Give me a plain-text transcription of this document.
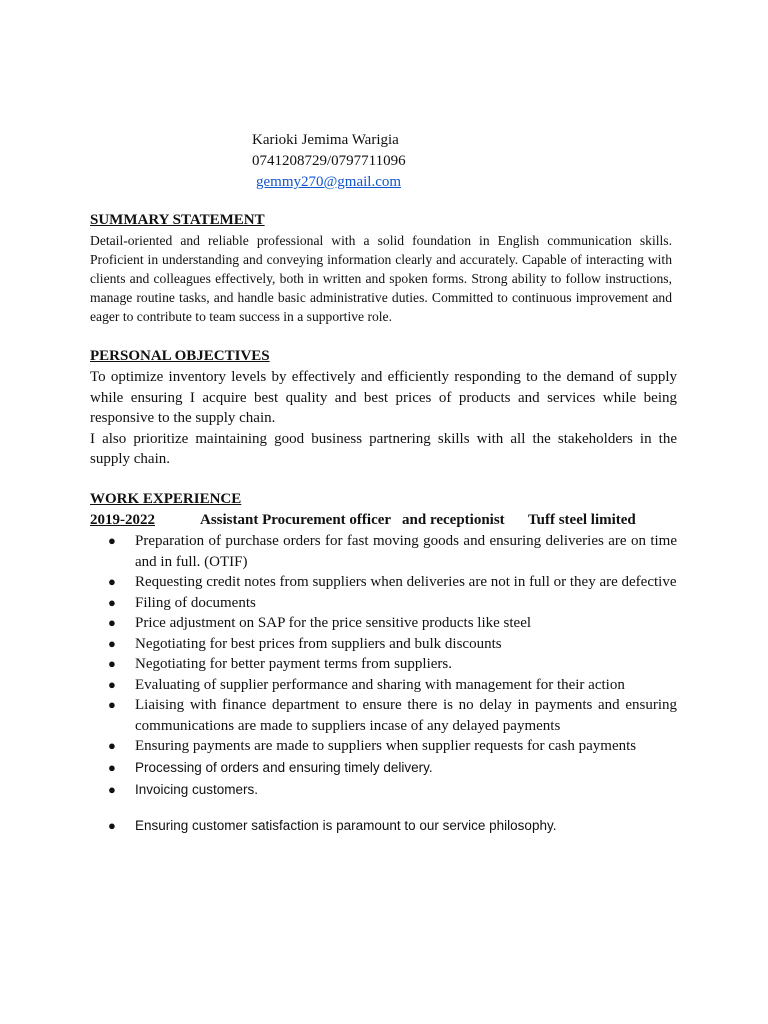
Karioki Jemima Warigia
0741208729/0797711096
gemmy270@gmail.com
SUMMARY STATEMENT

Detail-oriented and reliable professional with a solid foundation in English communication skills. Proficient in understanding and conveying information clearly and accurately. Capable of interacting with clients and colleagues effectively, both in written and spoken forms. Strong ability to follow instructions, manage routine tasks, and handle basic administrative duties. Committed to continuous improvement and eager to contribute to team success in a supportive role.

PERSONAL OBJECTIVES

To optimize inventory levels by effectively and efficiently responding to the demand of supply while ensuring I acquire best quality and best prices of products and services while being responsive to the supply chain.

I also prioritize maintaining good business partnering skills with all the stakeholders in the supply chain.

WORK EXPERIENCE
2019-2022	Assistant Procurement officer   and receptionist Tuff steel limited
● Preparation of purchase orders for fast moving goods and ensuring deliveries are on time and in full. (OTIF)
● Requesting credit notes from suppliers when deliveries are not in full or they are defective
● Filing of documents
● Price adjustment on SAP for the price sensitive products like steel
● Negotiating for best prices from suppliers and bulk discounts
● Negotiating for better payment terms from suppliers.
● Evaluating of supplier performance and sharing with management for their action
● Liaising with finance department to ensure there is no delay in payments and ensuring communications are made to suppliers incase of any delayed payments
● Ensuring payments are made to suppliers when supplier requests for cash payments
● Processing of orders and ensuring timely delivery.
● Invoicing customers.
● Ensuring customer satisfaction is paramount to our service philosophy.
